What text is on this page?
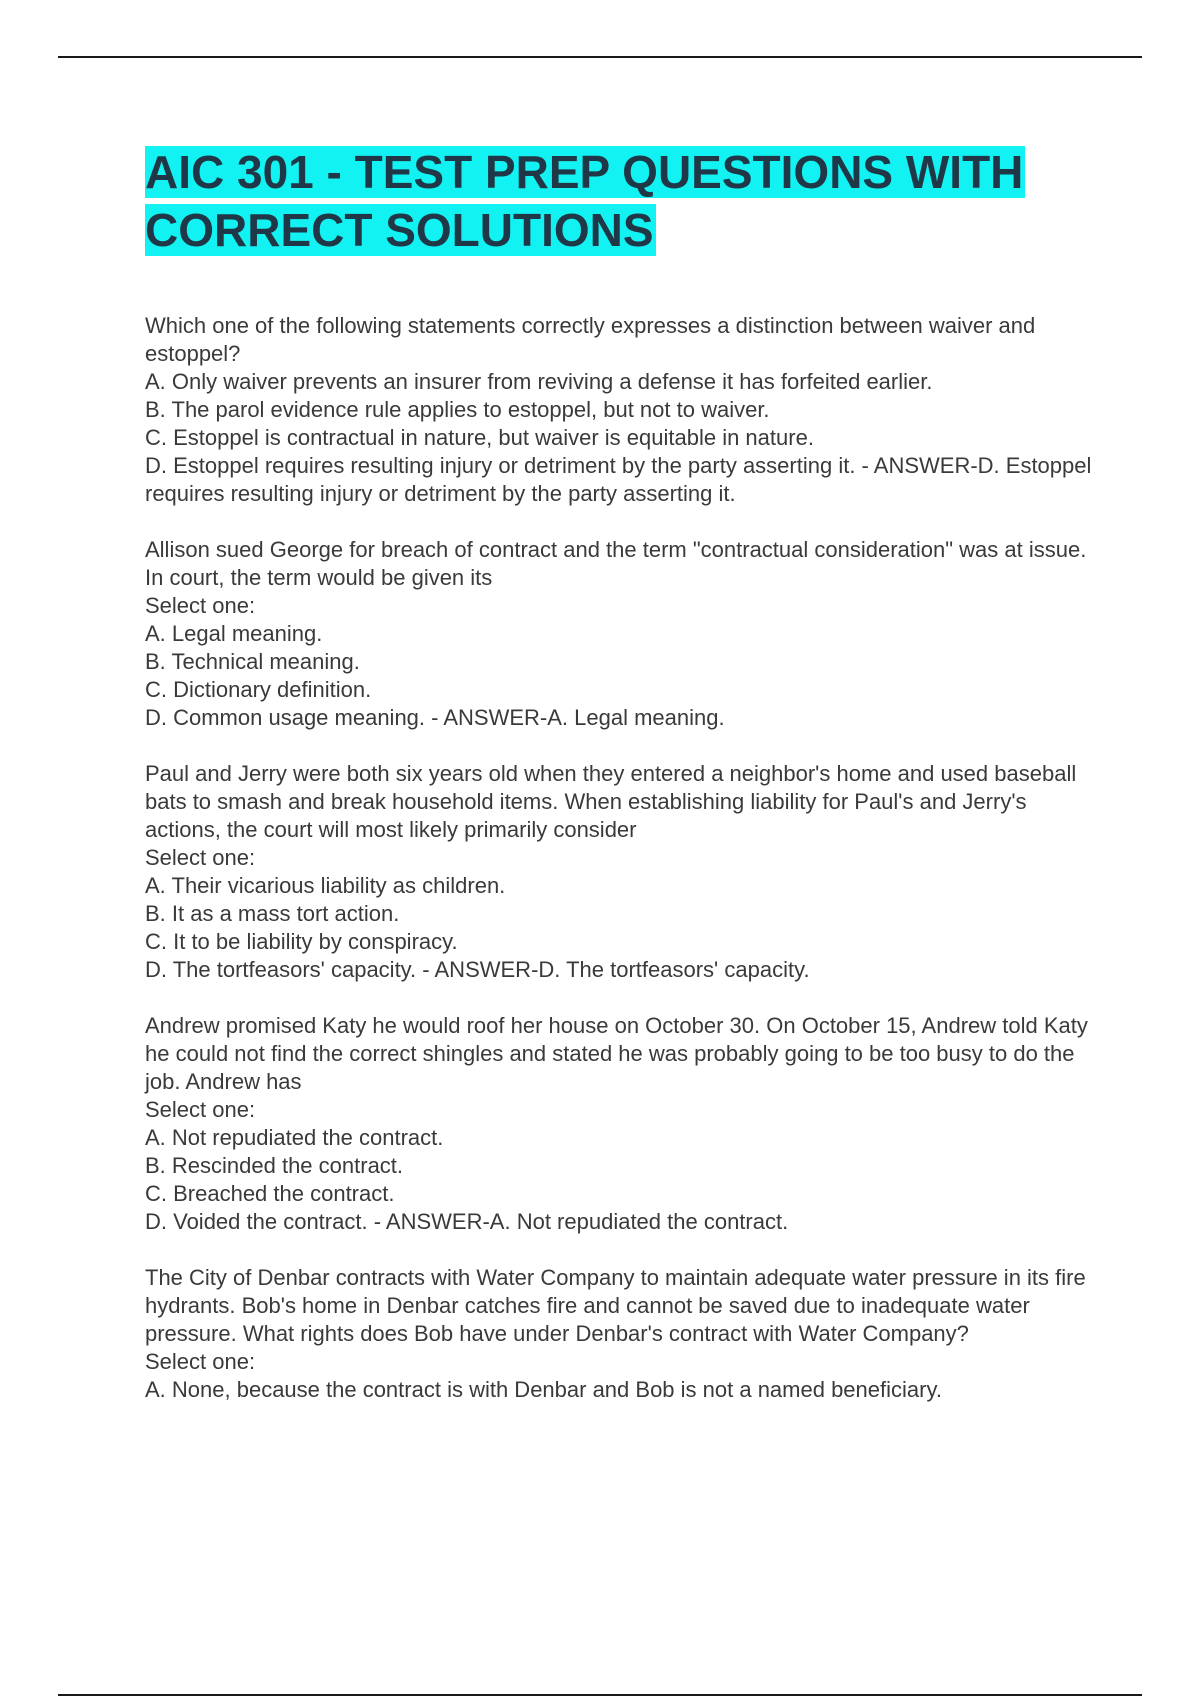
AIC 301 - TEST PREP QUESTIONS WITH
CORRECT SOLUTIONS

Which one of the following statements correctly expresses a distinction between waiver and estoppel?

A. Only waiver prevents an insurer from reviving a defense it has forfeited earlier.
B. The parol evidence rule applies to estoppel, but not to waiver.
C. Estoppel is contractual in nature, but waiver is equitable in nature.
D. Estoppel requires resulting injury or detriment by the party asserting it. - ANSWER-D. Estoppel requires resulting injury or detriment by the party asserting it.

Allison sued George for breach of contract and the term "contractual consideration" was at issue. In court, the term would be given its

Select one:
A. Legal meaning.
B. Technical meaning.
C. Dictionary definition.
D. Common usage meaning. - ANSWER-A. Legal meaning.

Paul and Jerry were both six years old when they entered a neighbor's home and used baseball bats to smash and break household items. When establishing liability for Paul's and Jerry's actions, the court will most likely primarily consider

Select one:
A. Their vicarious liability as children.
B. It as a mass tort action.
C. It to be liability by conspiracy.
D. The tortfeasors' capacity. - ANSWER-D. The tortfeasors' capacity.

Andrew promised Katy he would roof her house on October 30. On October 15, Andrew told Katy he could not find the correct shingles and stated he was probably going to be too busy to do the job. Andrew has

Select one:
A. Not repudiated the contract.
B. Rescinded the contract.
C. Breached the contract.
D. Voided the contract. - ANSWER-A. Not repudiated the contract.

The City of Denbar contracts with Water Company to maintain adequate water pressure in its fire hydrants. Bob's home in Denbar catches fire and cannot be saved due to inadequate water pressure. What rights does Bob have under Denbar's contract with Water Company?

Select one:
A. None, because the contract is with Denbar and Bob is not a named beneficiary.
